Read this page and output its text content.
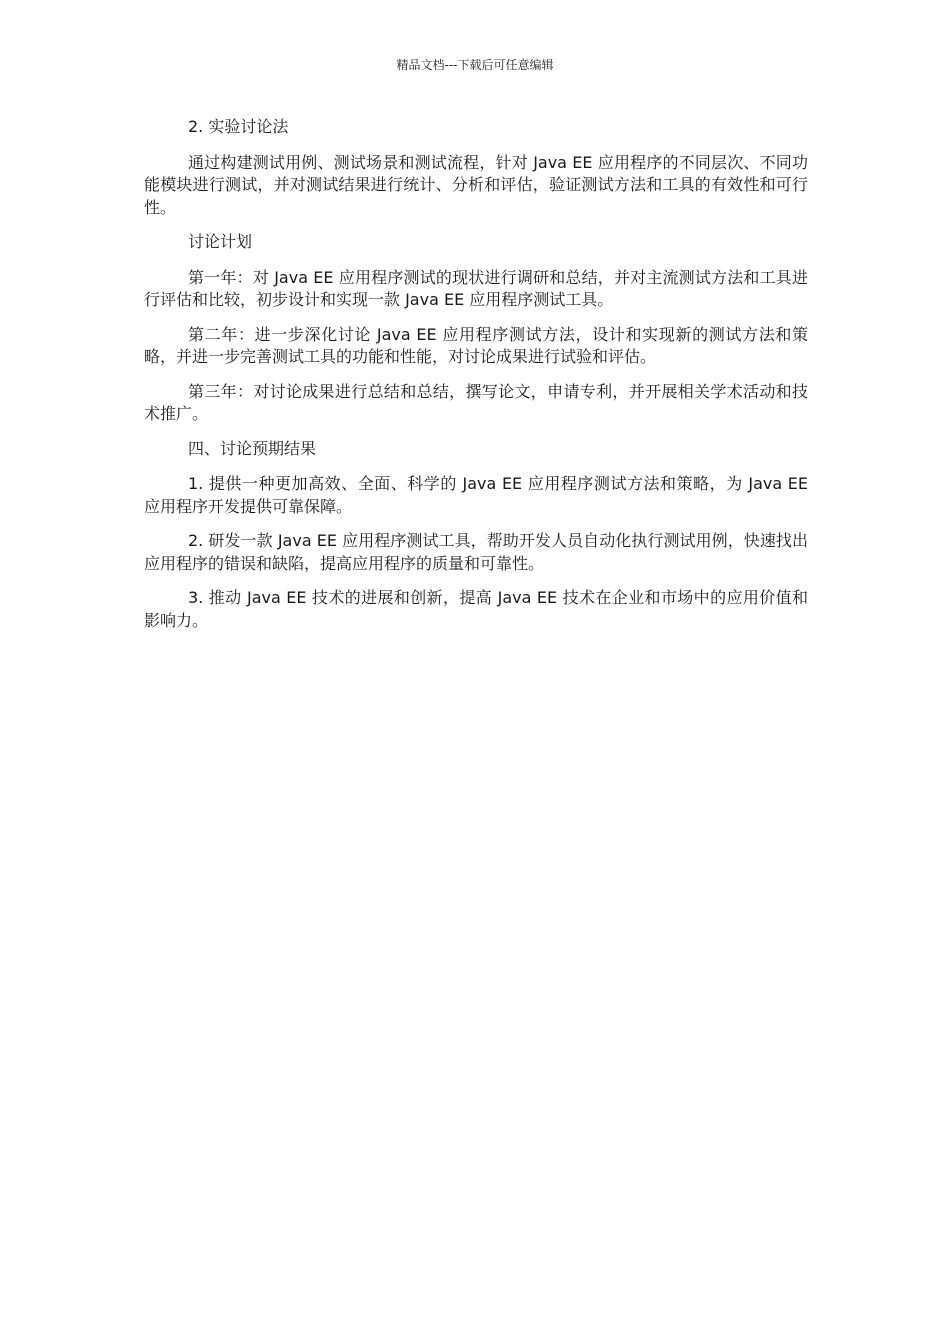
精品文档---下载后可任意编辑

2. 实验讨论法

通过构建测试用例、测试场景和测试流程，针对 Java EE 应用程序的不同层次、不同功能模块进行测试，并对测试结果进行统计、分析和评估，验证测试方法和工具的有效性和可行性。

讨论计划

第一年：对 Java EE 应用程序测试的现状进行调研和总结，并对主流测试方法和工具进行评估和比较，初步设计和实现一款 Java EE 应用程序测试工具。

第二年：进一步深化讨论 Java EE 应用程序测试方法，设计和实现新的测试方法和策略，并进一步完善测试工具的功能和性能，对讨论成果进行试验和评估。

第三年：对讨论成果进行总结和总结，撰写论文，申请专利，并开展相关学术活动和技术推广。

四、讨论预期结果

1. 提供一种更加高效、全面、科学的 Java EE 应用程序测试方法和策略，为 Java EE 应用程序开发提供可靠保障。

2. 研发一款 Java EE 应用程序测试工具，帮助开发人员自动化执行测试用例，快速找出应用程序的错误和缺陷，提高应用程序的质量和可靠性。

3. 推动 Java EE 技术的进展和创新，提高 Java EE 技术在企业和市场中的应用价值和影响力。
